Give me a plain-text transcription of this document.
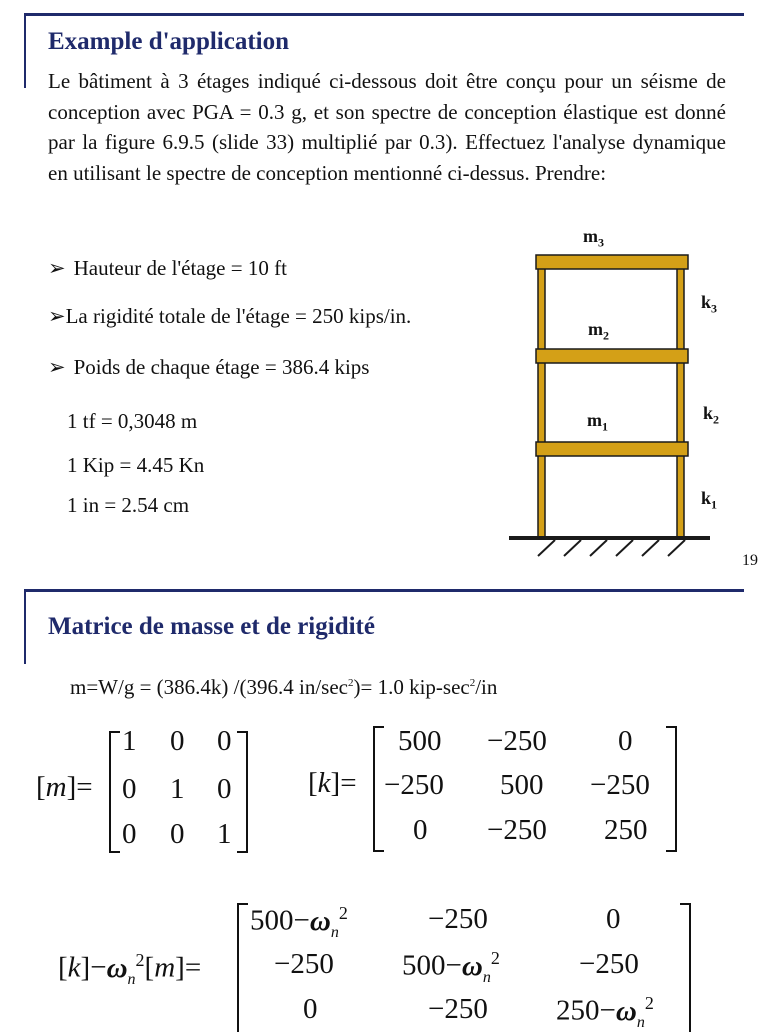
Example d'application
Le bâtiment à 3 étages indiqué ci-dessous doit être conçu pour un séisme de conception avec PGA = 0.3 g, et son spectre de conception élastique est donné par la figure 6.9.5 (slide 33) multiplié par 0.3). Effectuez l'analyse dynamique en utilisant le spectre de conception mentionné ci-dessus. Prendre:
➢ Hauteur de l'étage = 10 ft
➢La rigidité totale de l'étage = 250 kips/in.
➢ Poids de chaque étage = 386.4 kips
1 tf = 0,3048 m
1 Kip = 4.45 Kn
1 in = 2.54 cm
$m_3$
$m_2$
$m_1$
$k_3$
$k_2$
$k_1$
19
Matrice de masse et de rigidité
m=W/g = (386.4k) /(396.4 $in/\sec^2)= 1.0$ kip-$\sec^2/in$
[m]=
1 0 0
0 1 0
0 0 1
[k]=
500 −250 0
−250 500 −250
0 −250 250
$[k]-\omega_n^2[m]=$
$500-\omega_n^2$	−250	0
−250 $500-\omega_n^2$	−250
0	−250 $250-\omega_n^2$
